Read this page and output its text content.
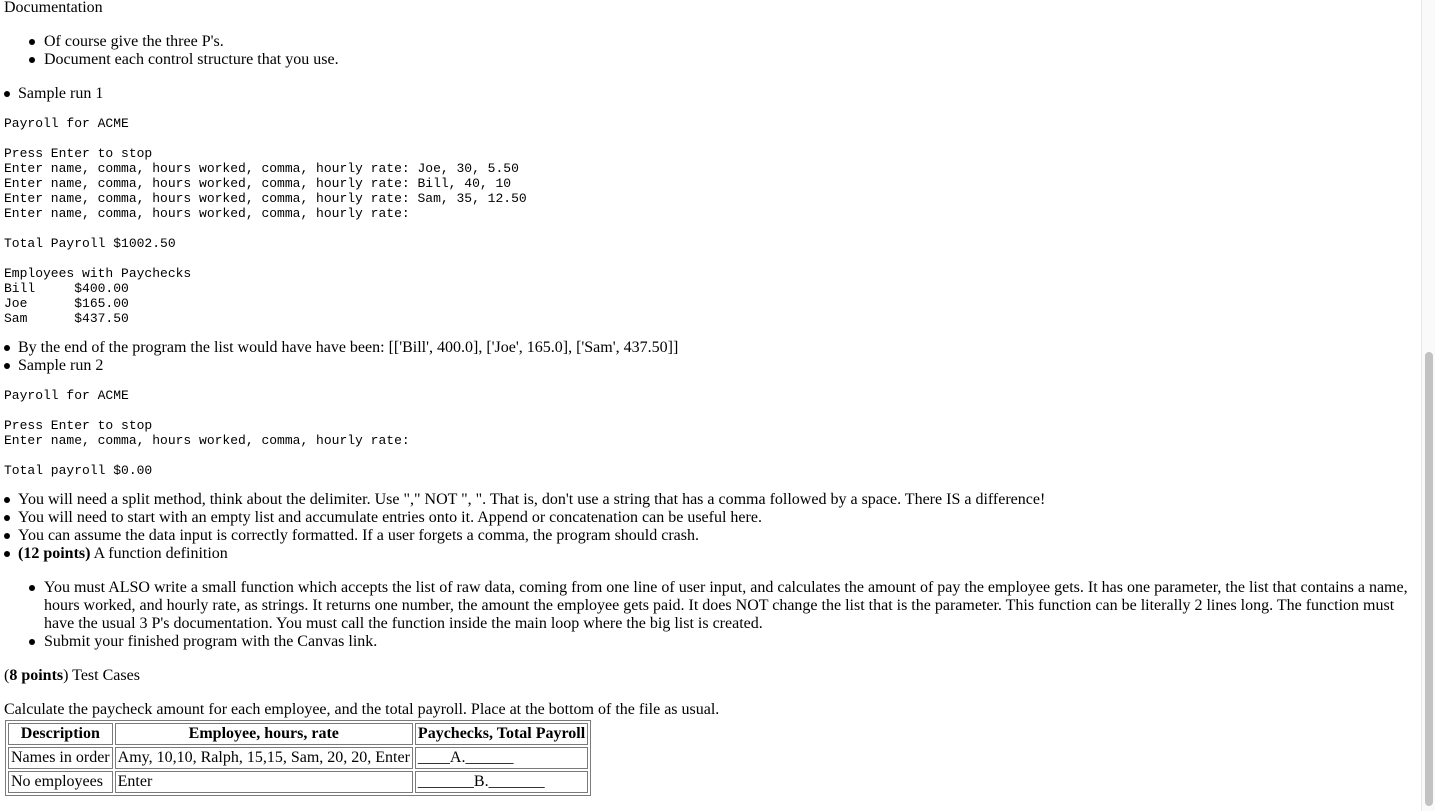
Documentation

Of course give the three P's.
Document each control structure that you use.
Sample run 1
Payroll for ACME

Press Enter to stop
Enter name, comma, hours worked, comma, hourly rate: Joe, 30, 5.50
Enter name, comma, hours worked, comma, hourly rate: Bill, 40, 10
Enter name, comma, hours worked, comma, hourly rate: Sam, 35, 12.50
Enter name, comma, hours worked, comma, hourly rate:

Total Payroll $1002.50

Employees with Paychecks
Bill     $400.00
Joe      $165.00
Sam      $437.50
By the end of the program the list would have have been: [['Bill', 400.0], ['Joe', 165.0], ['Sam', 437.50]]
Sample run 2
Payroll for ACME

Press Enter to stop
Enter name, comma, hours worked, comma, hourly rate:

Total payroll $0.00
You will need a split method, think about the delimiter. Use "," NOT ", ". That is, don't use a string that has a comma followed by a space. There IS a difference!
You will need to start with an empty list and accumulate entries onto it. Append or concatenation can be useful here.
You can assume the data input is correctly formatted. If a user forgets a comma, the program should crash.
(12 points) A function definition
You must ALSO write a small function which accepts the list of raw data, coming from one line of user input, and calculates the amount of pay the employee gets. It has one parameter, the list that contains a name, hours worked, and hourly rate, as strings. It returns one number, the amount the employee gets paid. It does NOT change the list that is the parameter. This function can be literally 2 lines long. The function must have the usual 3 P's documentation. You must call the function inside the main loop where the big list is created.
Submit your finished program with the Canvas link.

(8 points) Test Cases

Calculate the paycheck amount for each employee, and the total payroll. Place at the bottom of the file as usual.

Description	Employee, hours, rate	Paychecks, Total Payroll
Names in order	Amy, 10,10, Ralph, 15,15, Sam, 20, 20, Enter	____A.______
No employees	Enter	_______B._______
